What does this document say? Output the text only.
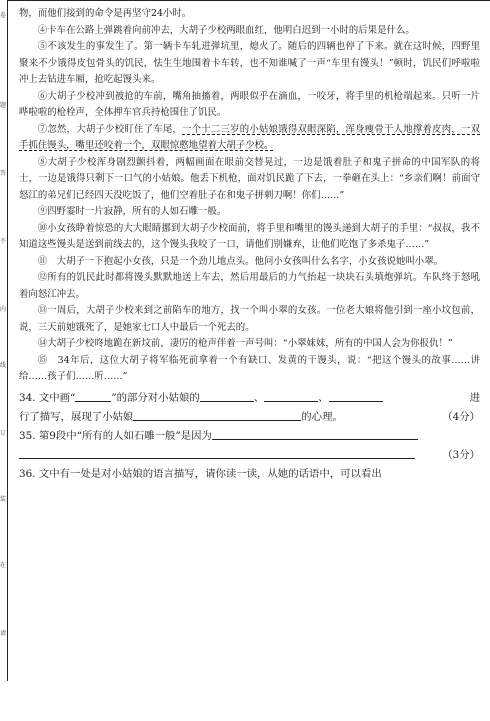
卷
题
答
不
内
线
订
装
在
请

物，而他们接到的命令是再坚守24小时。

④卡车在公路上弹跳着向前冲去，大胡子少校两眼血红，他明白迟到一小时的后果是什么。

⑤不该发生的事发生了。第一辆卡车轧进弹坑里，熄火了。随后的四辆也停了下来。就在这时候，四野里聚来不少饿得皮包骨头的饥民，怯生生地围着卡车转，也不知谁喊了一声“车里有馒头！”顿时，饥民们呼啦啦冲上去钻进车厢，抢吃起馒头来。

⑥大胡子少校冲到被抢的车前，嘴角抽搐着，两眼似乎在滴血，一咬牙，将手里的机枪端起来。只听一片哗啦啦的枪栓声，全体押车官兵持枪围住了饥民。

⑦忽然，大胡子少校盯住了车尾，一个十二三岁的小姑娘饿得双眼深陷，浑身瘦骨干人地撑着皮肉，一双手抓住馒头，嘴里还咬着一个，双眼惊憨地望着大胡子少校。

⑧大胡子少校浑身剧烈颤抖着，两幅画面在眼前交替晃过，一边是饿着肚子和鬼子拼命的中国军队的将士，一边是饿得只剩下一口气的小姑娘。他丢下机枪，面对饥民跪了下去，一拳砸在头上：“乡亲们啊！前面守怒江的弟兄们已经四天没吃饭了，他们空着肚子在和鬼子拼刺刀啊！你们……”

⑨四野霎时一片寂静，所有的人如石雕一般。

⑩小女孩睁着惊恐的大大眼睛挪到大胡子少校面前，将手里和嘴里的馒头递到大胡子的手里：“叔叔，我不知道这些馒头是送到前线去的，这个馒头我咬了一口，请他们别嫌弃，让他们吃饱了多杀鬼子……”

⑪　大胡子一下抱起小女孩，只是一个劲儿地点头。他问小女孩叫什么名字，小女孩说她叫小翠。

⑫所有的饥民此时都将馒头默默地送上车去，然后用最后的力气抬起一块块石头填炮弹坑。车队终于怒吼着向怒江冲去。

⑬一周后，大胡子少校来到之前陷车的地方，找一个叫小翠的女孩。一位老大娘将他引到一座小坟包前，说，三天前她饿死了，是她家七口人中最后一个死去的。

⑭大胡子少校咚地跪在新坟前，凄厉的枪声伴着一声号叫：“小翠妹妹，所有的中国人会为你报仇！”

⑮　34年后，这位大胡子将军临死前拿着一个有缺口、发黄的干馒头，说：“把这个馒头的故事……讲给……孩子们……听……”

34. 文中画“	”的部分对小姑娘的	、	、	进
行了描写，展现了小姑娘	的心理。	（4分）
35. 第9段中“所有的人如石雕一般”是因为
（3分）
36. 文中有一处是对小姑娘的语言描写，请你读一读，从她的话语中，可以看出
